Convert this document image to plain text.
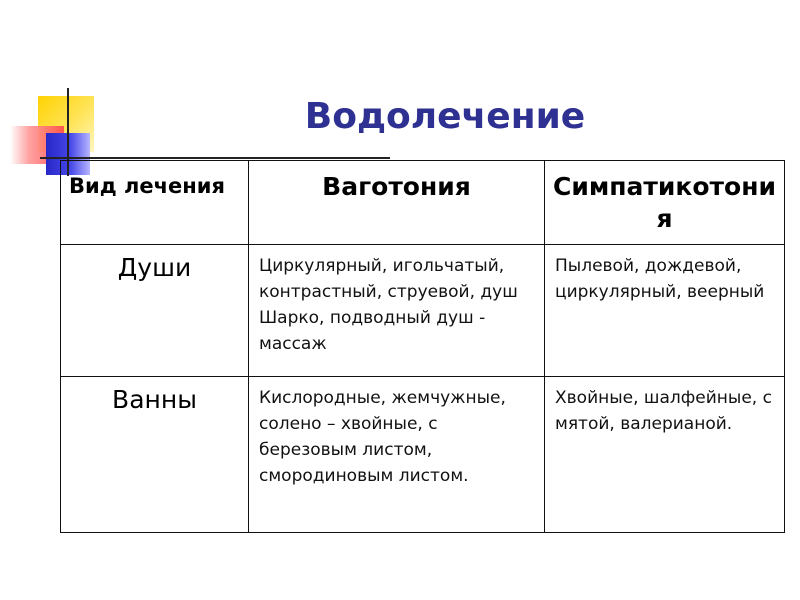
Водолечение
Вид лечения	Ваготония	Симпатикотония
Души	Циркулярный, игольчатый, контрастный, струевой, душ Шарко, подводный душ - массаж	Пылевой, дождевой, циркулярный, веерный
Ванны	Кислородные, жемчужные, солено – хвойные, с березовым листом, смородиновым листом.	Хвойные, шалфейные, с мятой, валерианой.
